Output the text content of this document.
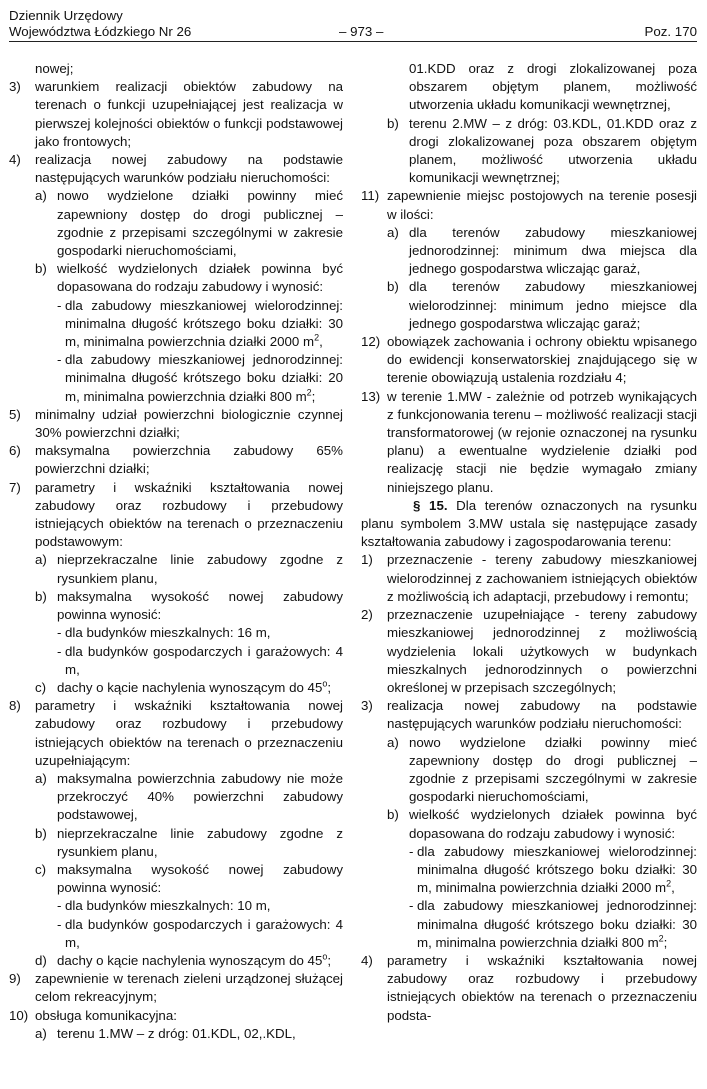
Dziennik Urzędowy
Województwa Łódzkiego Nr 26	Poz. 170
– 973 –

nowej;

3) warunkiem realizacji obiektów zabudowy na terenach o funkcji uzupełniającej jest realizacja w pierwszej kolejności obiektów o funkcji podstawowej jako frontowych;

4) realizacja nowej zabudowy na podstawie następujących warunków podziału nieruchomości:

a) nowo wydzielone działki powinny mieć zapewniony dostęp do drogi publicznej – zgodnie z przepisami szczególnymi w zakresie gospodarki nieruchomościami,

b) wielkość wydzielonych działek powinna być dopasowana do rodzaju zabudowy i wynosić:

- dla zabudowy mieszkaniowej wielorodzinnej: minimalna długość krótszego boku działki: 30 m, minimalna powierzchnia działki 2000 $m^2$,

- dla zabudowy mieszkaniowej jednorodzinnej: minimalna długość krótszego boku działki: 20 m, minimalna powierzchnia działki 800 $m^2$;

5) minimalny udział powierzchni biologicznie czynnej 30% powierzchni działki;

6) maksymalna powierzchnia zabudowy 65% powierzchni działki;

7) parametry i wskaźniki kształtowania nowej zabudowy oraz rozbudowy i przebudowy istniejących obiektów na terenach o przeznaczeniu podstawowym:

a) nieprzekraczalne linie zabudowy zgodne z rysunkiem planu,

b) maksymalna wysokość nowej zabudowy powinna wynosić:

- dla budynków mieszkalnych: 16 m,

- dla budynków gospodarczych i garażowych: 4 m,

c) dachy o kącie nachylenia wynoszącym do 45$^o$;

8) parametry i wskaźniki kształtowania nowej zabudowy oraz rozbudowy i przebudowy istniejących obiektów na terenach o przeznaczeniu uzupełniającym:

a) maksymalna powierzchnia zabudowy nie może przekroczyć 40% powierzchni zabudowy podstawowej,

b) nieprzekraczalne linie zabudowy zgodne z rysunkiem planu,

c) maksymalna wysokość nowej zabudowy powinna wynosić:

- dla budynków mieszkalnych: 10 m,

- dla budynków gospodarczych i garażowych: 4 m,

d) dachy o kącie nachylenia wynoszącym do 45$^o$;

9) zapewnienie w terenach zieleni urządzonej służącej celom rekreacyjnym;

10) obsługa komunikacyjna:

a) terenu 1.MW – z dróg: 01.KDL, 02,.KDL,

01.KDD oraz z drogi zlokalizowanej poza obszarem objętym planem, możliwość utworzenia układu komunikacji wewnętrznej,

b) terenu 2.MW – z dróg: 03.KDL, 01.KDD oraz z drogi zlokalizowanej poza obszarem objętym planem, możliwość utworzenia układu komunikacji wewnętrznej;

11) zapewnienie miejsc postojowych na terenie posesji w ilości:

a) dla terenów zabudowy mieszkaniowej jednorodzinnej: minimum dwa miejsca dla jednego gospodarstwa wliczając garaż,

b) dla terenów zabudowy mieszkaniowej wielorodzinnej: minimum jedno miejsce dla jednego gospodarstwa wliczając garaż;

12) obowiązek zachowania i ochrony obiektu wpisanego do ewidencji konserwatorskiej znajdującego się w terenie obowiązują ustalenia rozdziału 4;

13) w terenie 1.MW - zależnie od potrzeb wynikających z funkcjonowania terenu – możliwość realizacji stacji transformatorowej (w rejonie oznaczonej na rysunku planu) a ewentualne wydzielenie działki pod realizację stacji nie będzie wymagało zmiany niniejszego planu.

§ 15. Dla terenów oznaczonych na rysunku planu symbolem 3.MW ustala się następujące zasady kształtowania zabudowy i zagospodarowania terenu:

1) przeznaczenie - tereny zabudowy mieszkaniowej wielorodzinnej z zachowaniem istniejących obiektów z możliwością ich adaptacji, przebudowy i remontu;

2) przeznaczenie uzupełniające - tereny zabudowy mieszkaniowej jednorodzinnej z możliwością wydzielenia lokali użytkowych w budynkach mieszkalnych jednorodzinnych o powierzchni określonej w przepisach szczególnych;

3) realizacja nowej zabudowy na podstawie następujących warunków podziału nieruchomości:

a) nowo wydzielone działki powinny mieć zapewniony dostęp do drogi publicznej – zgodnie z przepisami szczególnymi w zakresie gospodarki nieruchomościami,

b) wielkość wydzielonych działek powinna być dopasowana do rodzaju zabudowy i wynosić:

- dla zabudowy mieszkaniowej wielorodzinnej: minimalna długość krótszego boku działki: 30 m, minimalna powierzchnia działki 2000 $m^2$,

- dla zabudowy mieszkaniowej jednorodzinnej: minimalna długość krótszego boku działki: 30 m, minimalna powierzchnia działki 800 $m^2$;

4) parametry i wskaźniki kształtowania nowej zabudowy oraz rozbudowy i przebudowy istniejących obiektów na terenach o przeznaczeniu podsta-
